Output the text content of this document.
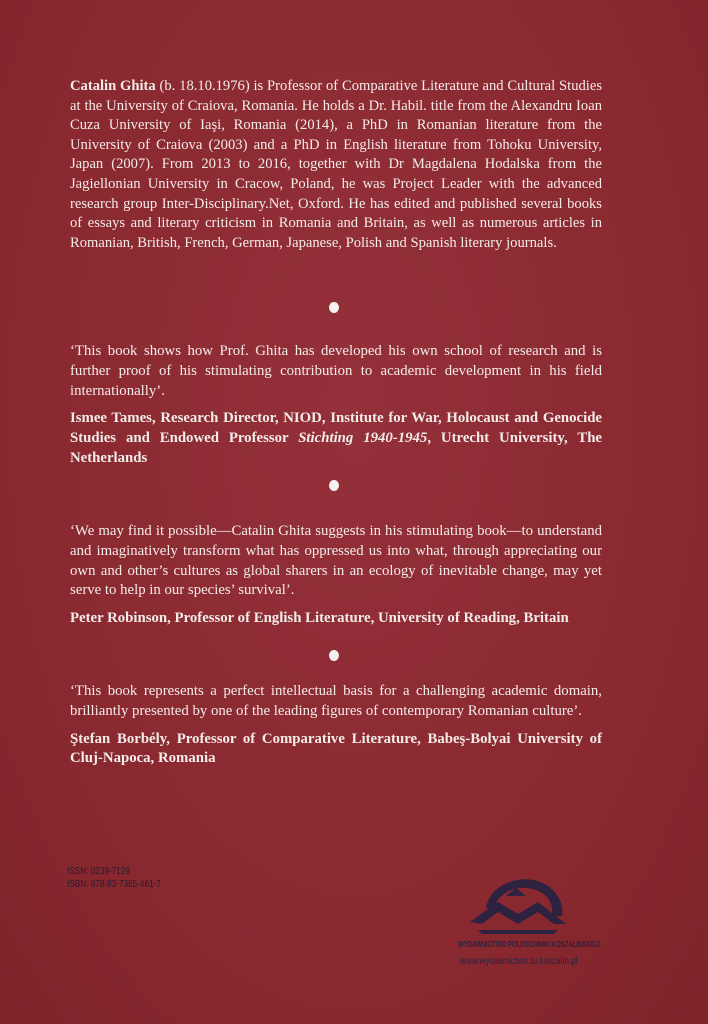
Catalin Ghita (b. 18.10.1976) is Professor of Comparative Literature and Cultural Studies at the University of Craiova, Romania. He holds a Dr. Habil. title from the Alexandru Ioan Cuza University of Iaşi, Romania (2014), a PhD in Romanian literature from the University of Craiova (2003) and a PhD in English literature from Tohoku University, Japan (2007). From 2013 to 2016, together with Dr Magdalena Hodalska from the Jagiellonian University in Cracow, Poland, he was Project Leader with the advanced research group Inter-Disciplinary.Net, Oxford. He has edited and published several books of essays and literary criticism in Romania and Britain, as well as numerous articles in Romanian, British, French, German, Japanese, Polish and Spanish literary journals.

‘This book shows how Prof. Ghita has developed his own school of research and is further proof of his stimulating contribution to academic development in his field internationally’.

Ismee Tames, Research Director, NIOD, Institute for War, Holocaust and Genocide Studies and Endowed Professor Stichting 1940-1945, Utrecht University, The Netherlands

‘We may find it possible—Catalin Ghita suggests in his stimulating book—to understand and imaginatively transform what has oppressed us into what, through appreciating our own and other’s cultures as global sharers in an ecology of inevitable change, may yet serve to help in our species’ survival’.

Peter Robinson, Professor of English Literature, University of Reading, Britain

‘This book represents a perfect intellectual basis for a challenging academic domain, brilliantly presented by one of the leading figures of contemporary Romanian culture’.

Ştefan Borbély, Professor of Comparative Literature, Babeş-Bolyai University of Cluj-Napoca, Romania

ISSN: 0239-7129
ISBN: 978-83-7365-461-7
WYDAWNICTWO POLITECHNIKI KOSZALIŃSKIEJ
www.wydawnictwo.tu.koszalin.pl
